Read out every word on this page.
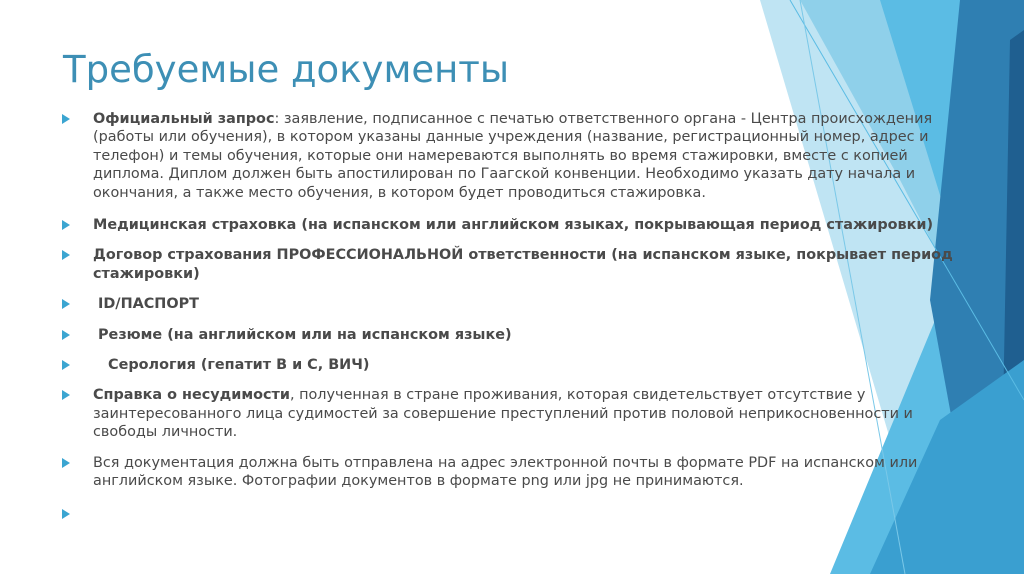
Требуемые документы
Официальный запрос: заявление, подписанное с печатью ответственного органа - Центра происхождения (работы или обучения), в котором указаны данные учреждения (название, регистрационный номер, адрес и телефон) и темы обучения, которые они намереваются выполнять во время стажировки, вместе с копией диплома. Диплом должен быть апостилирован по Гаагской конвенции. Необходимо указать дату начала и окончания, а также место обучения, в котором будет проводиться стажировка.
Медицинская страховка (на испанском или английском языках, покрывающая период стажировки)
Договор страхования ПРОФЕССИОНАЛЬНОЙ ответственности (на испанском языке, покрывает период стажировки)
ID/ПАСПОРТ
Резюме (на английском или на испанском языке)
Серология (гепатит В и С, ВИЧ)
Справка о несудимости, полученная в стране проживания, которая свидетельствует отсутствие у заинтересованного лица судимостей за совершение преступлений против половой неприкосновенности и свободы личности.
Вся документация должна быть отправлена на адрес электронной почты в формате PDF на испанском или английском языке. Фотографии документов в формате png или jpg не принимаются.
